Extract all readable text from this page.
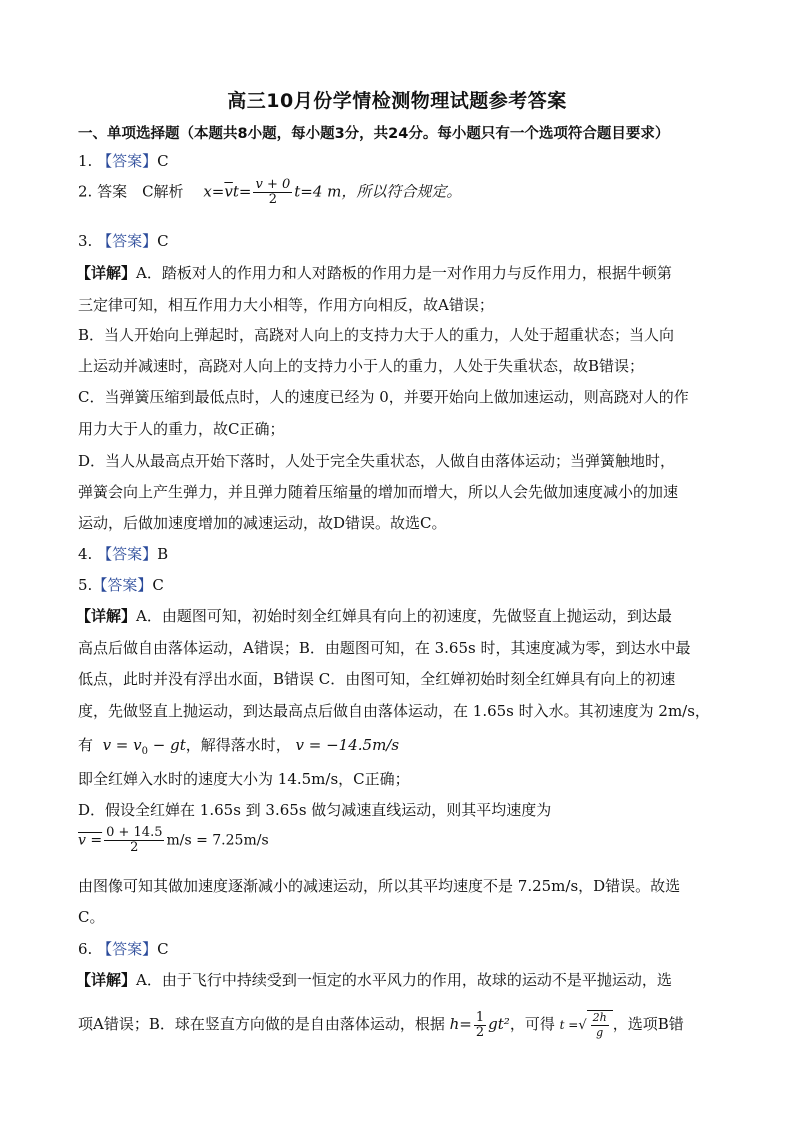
高三10月份学情检测物理试题参考答案
一、单项选择题（本题共8小题，每小题3分，共24分。每小题只有一个选项符合题目要求）
1. 【答案】C
2. 答案　C解析　 $x=\overline{v}t= \frac{v + 0}{2} t=4$ m，所以符合规定。
3. 【答案】C
【详解】A．踏板对人的作用力和人对踏板的作用力是一对作用力与反作用力，根据牛顿第
三定律可知，相互作用力大小相等，作用方向相反，故A错误；
B．当人开始向上弹起时，高跷对人向上的支持力大于人的重力，人处于超重状态；当人向
上运动并减速时，高跷对人向上的支持力小于人的重力，人处于失重状态，故B错误；
C．当弹簧压缩到最低点时，人的速度已经为 0，并要开始向上做加速运动，则高跷对人的作
用力大于人的重力，故C正确；
D．当人从最高点开始下落时，人处于完全失重状态，人做自由落体运动；当弹簧触地时，
弹簧会向上产生弹力，并且弹力随着压缩量的增加而增大，所以人会先做加速度减小的加速
运动，后做加速度增加的减速运动，故D错误。故选C。
4. 【答案】B
5.【答案】C
【详解】A．由题图可知，初始时刻全红婵具有向上的初速度，先做竖直上抛运动，到达最
高点后做自由落体运动，A错误；B．由题图可知，在 3.65s 时，其速度减为零，到达水中最
低点，此时并没有浮出水面，B错误 C．由图可知，全红婵初始时刻全红婵具有向上的初速
度，先做竖直上抛运动，到达最高点后做自由落体运动，在 1.65s 时入水。其初速度为 2m/s，
有 $v = v_0$ − gt，解得落水时， v = −14.5m/s
即全红婵入水时的速度大小为 14.5m/s，C正确；
D．假设全红婵在 1.65s 到 3.65s 做匀减速直线运动，则其平均速度为
$v = \frac{0 + 14.5}{2} m/s = 7.25m/s$
由图像可知其做加速度逐渐减小的减速运动，所以其平均速度不是 7.25m/s，D错误。故选
C。
6. 【答案】C
【详解】A．由于飞行中持续受到一恒定的水平风力的作用，故球的运动不是平抛运动，选
项A错误；B．球在竖直方向做的是自由落体运动，根据 $h= \frac{1}{2} gt^2$，可得 t =√ $\frac{2h}{g}$ ，选项B错
